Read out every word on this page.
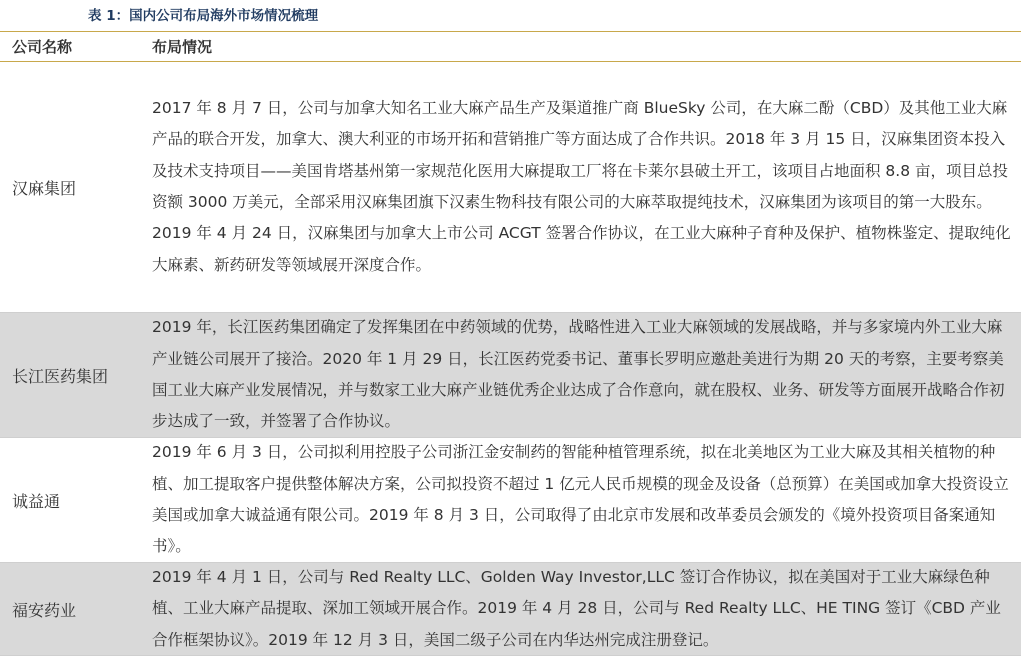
表 1：国内公司布局海外市场情况梳理
公司名称	布局情况
汉麻集团
2017 年 8 月 7 日，公司与加拿大知名工业大麻产品生产及渠道推广商 BlueSky 公司，在大麻二酚（CBD）及其他工业大麻产品的联合开发，加拿大、澳大利亚的市场开拓和营销推广等方面达成了合作共识。2018 年 3 月 15 日，汉麻集团资本投入及技术支持项目——美国肯塔基州第一家规范化医用大麻提取工厂将在卡莱尔县破土开工，该项目占地面积 8.8 亩，项目总投资额 3000 万美元，全部采用汉麻集团旗下汉素生物科技有限公司的大麻萃取提纯技术，汉麻集团为该项目的第一大股东。2019 年 4 月 24 日，汉麻集团与加拿大上市公司 ACGT 签署合作协议，在工业大麻种子育种及保护、植物株鉴定、提取纯化大麻素、新药研发等领域展开深度合作。
长江医药集团
2019 年，长江医药集团确定了发挥集团在中药领域的优势，战略性进入工业大麻领域的发展战略，并与多家境内外工业大麻产业链公司展开了接洽。2020 年 1 月 29 日，长江医药党委书记、董事长罗明应邀赴美进行为期 20 天的考察，主要考察美国工业大麻产业发展情况，并与数家工业大麻产业链优秀企业达成了合作意向，就在股权、业务、研发等方面展开战略合作初步达成了一致，并签署了合作协议。
诚益通
2019 年 6 月 3 日，公司拟利用控股子公司浙江金安制药的智能种植管理系统，拟在北美地区为工业大麻及其相关植物的种植、加工提取客户提供整体解决方案，公司拟投资不超过 1 亿元人民币规模的现金及设备（总预算）在美国或加拿大投资设立美国或加拿大诚益通有限公司。2019 年 8 月 3 日，公司取得了由北京市发展和改革委员会颁发的《境外投资项目备案通知书》。
福安药业
2019 年 4 月 1 日，公司与 Red Realty LLC、Golden Way Investor,LLC 签订合作协议，拟在美国对于工业大麻绿色种植、工业大麻产品提取、深加工领域开展合作。2019 年 4 月 28 日，公司与 Red Realty LLC、HE TING 签订《CBD 产业合作框架协议》。2019 年 12 月 3 日，美国二级子公司在内华达州完成注册登记。
